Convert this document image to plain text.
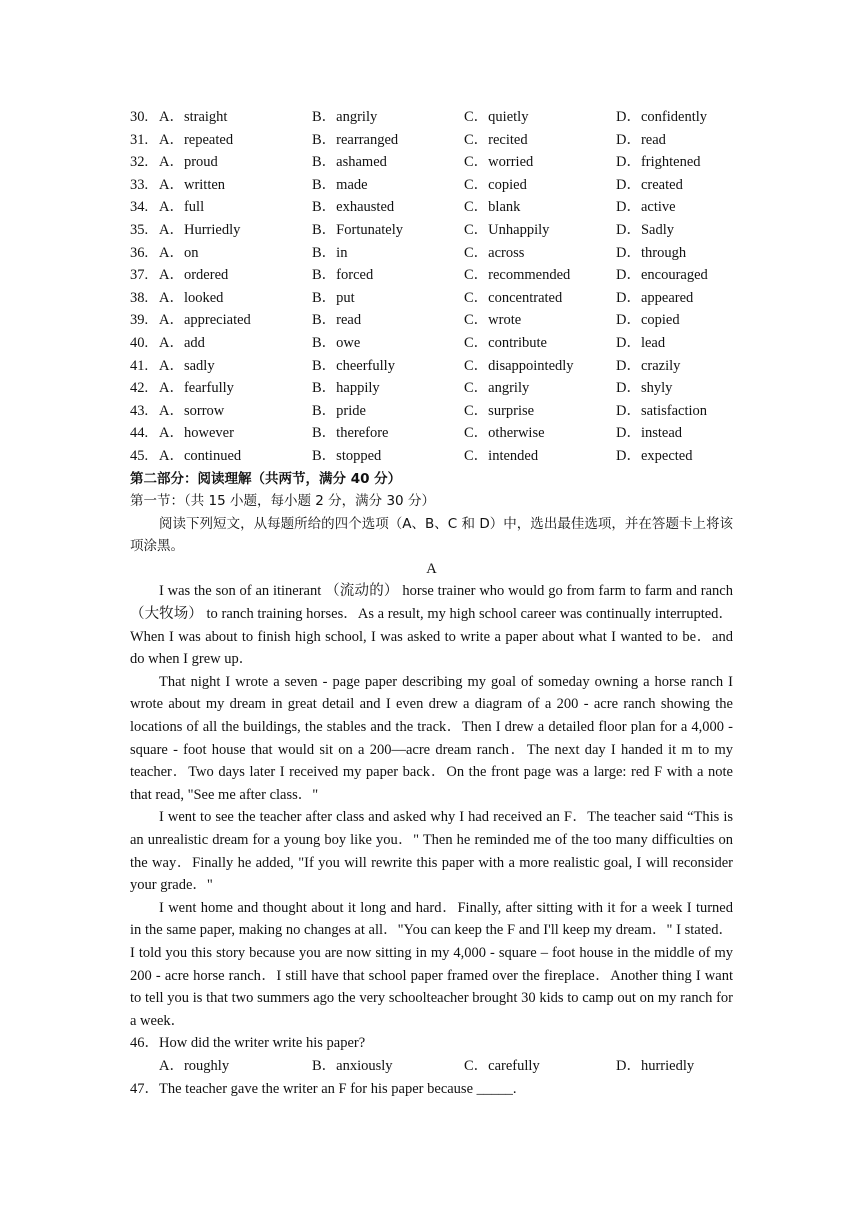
30. A．straight	B．angrily	C．quietly	D．confidently
31. A．repeated	B．rearranged	C．recited	D．read
32. A．proud	B．ashamed	C．worried	D．frightened
33. A．written	B．made	C．copied	D．created
34. A．full	B．exhausted	C．blank	D．active
35. A．Hurriedly	B．Fortunately	C．Unhappily	D．Sadly
36. A．on	B．in	C．across	D．through
37. A．ordered	B．forced	C．recommended	D．encouraged
38. A．looked	B．put	C．concentrated	D．appeared
39. A．appreciated	B．read	C．wrote	D．copied
40. A．add	B．owe	C．contribute	D．lead
41. A．sadly	B．cheerfully	C．disappointedly	D．crazily
42. A．fearfully	B．happily	C．angrily	D．shyly
43. A．sorrow	B．pride	C．surprise	D．satisfaction
44. A．however	B．therefore	C．otherwise	D．instead
45. A．continued	B．stopped	C．intended	D．expected
第二部分：阅读理解（共两节，满分 40 分）
第一节：（共 15 小题，每小题 2 分，满分 30 分）

阅读下列短文，从每题所给的四个选项（A、B、C 和 D）中，选出最佳选项，并在答题卡上将该项涂黑。

A

I was the son of an itinerant （流动的） horse trainer who would go from farm to farm and ranch （大牧场） to ranch training horses．As a result, my high school career was continually interrupted．When I was about to finish high school, I was asked to write a paper about what I wanted to be．and do when I grew up．

That night I wrote a seven - page paper describing my goal of someday owning a horse ranch I wrote about my dream in great detail and I even drew a diagram of a 200 - acre ranch showing the locations of all the buildings, the stables and the track．Then I drew a detailed floor plan for a 4,000 - square - foot house that would sit on a 200—acre dream ranch．The next day I handed it m to my teacher．Two days later I received my paper back．On the front page was a large: red F with a note that read, "See me after class．"

I went to see the teacher after class and asked why I had received an F．The teacher said “This is an unrealistic dream for a young boy like you．" Then he reminded me of the too many difficulties on the way．Finally he added, "If you will rewrite this paper with a more realistic goal, I will reconsider your grade．"

I went home and thought about it long and hard．Finally, after sitting with it for a week I turned in the same paper, making no changes at all．"You can keep the F and I'll keep my dream．" I stated．I told you this story because you are now sitting in my 4,000 - square – foot house in the middle of my 200 - acre horse ranch．I still have that school paper framed over the fireplace．Another thing I want to tell you is that two summers ago the very schoolteacher brought 30 kids to camp out on my ranch for a week．

46．How did the writer write his paper?
A．roughly	B．anxiously	C．carefully	D．hurriedly
47．The teacher gave the writer an F for his paper because _____.
